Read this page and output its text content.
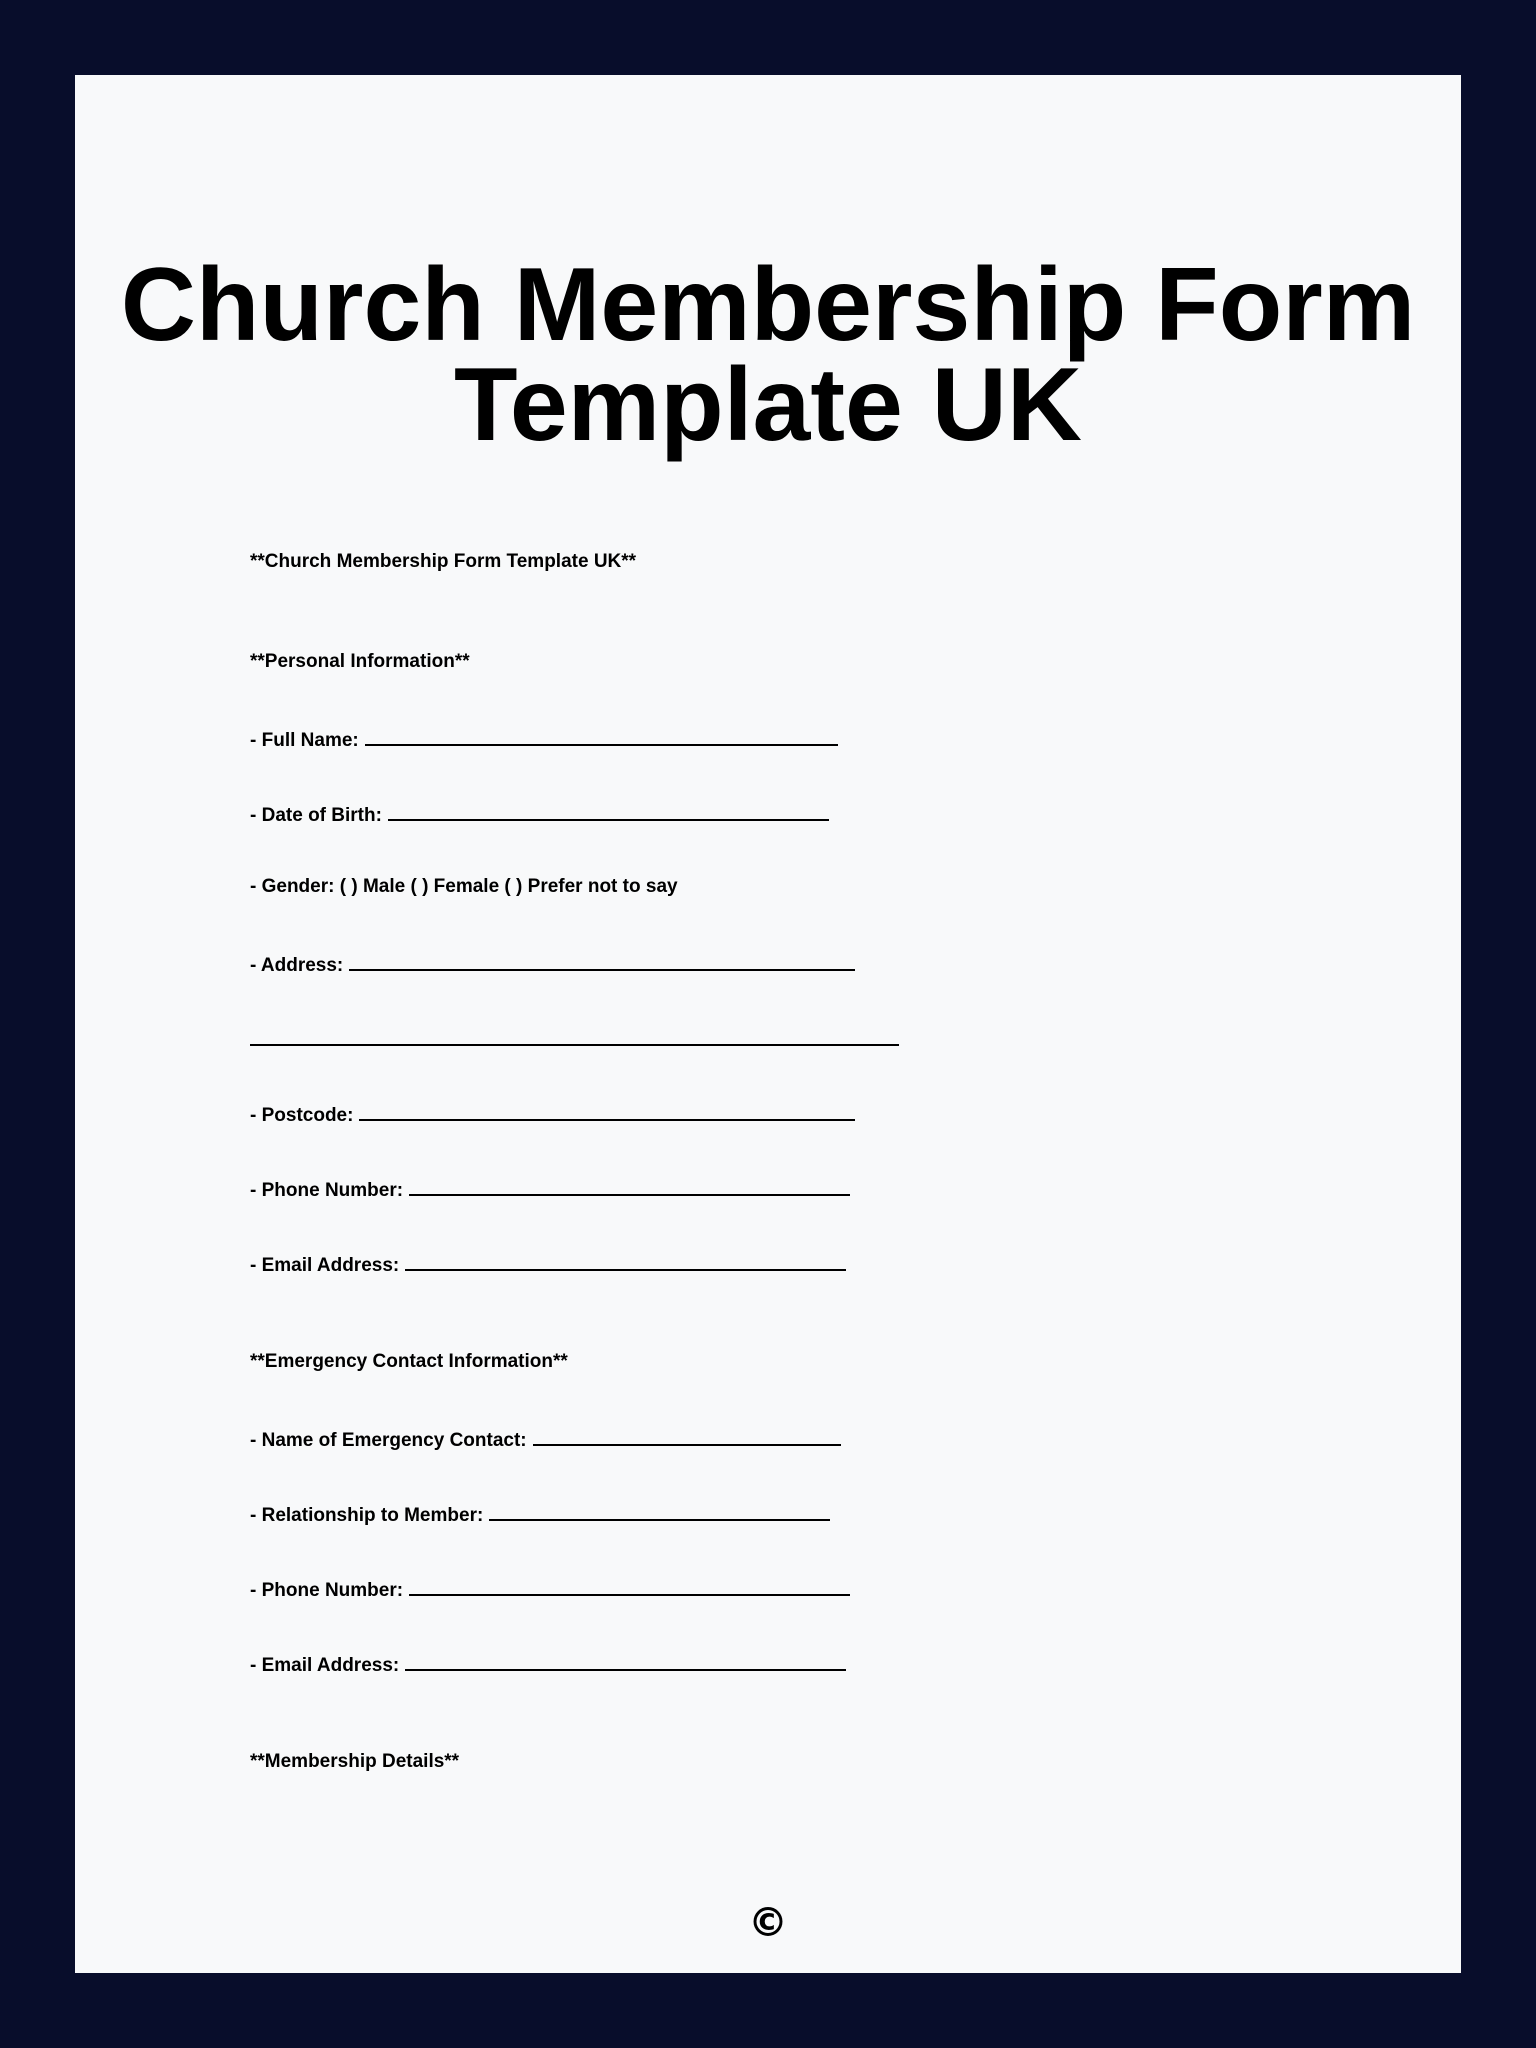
Church Membership Form Template UK
**Church Membership Form Template UK**
**Personal Information**
- Full Name:
- Date of Birth:
- Gender: ( ) Male ( ) Female ( ) Prefer not to say
- Address:
- Postcode:
- Phone Number:
- Email Address:
**Emergency Contact Information**
- Name of Emergency Contact:
- Relationship to Member:
- Phone Number:
- Email Address:
**Membership Details**
©
